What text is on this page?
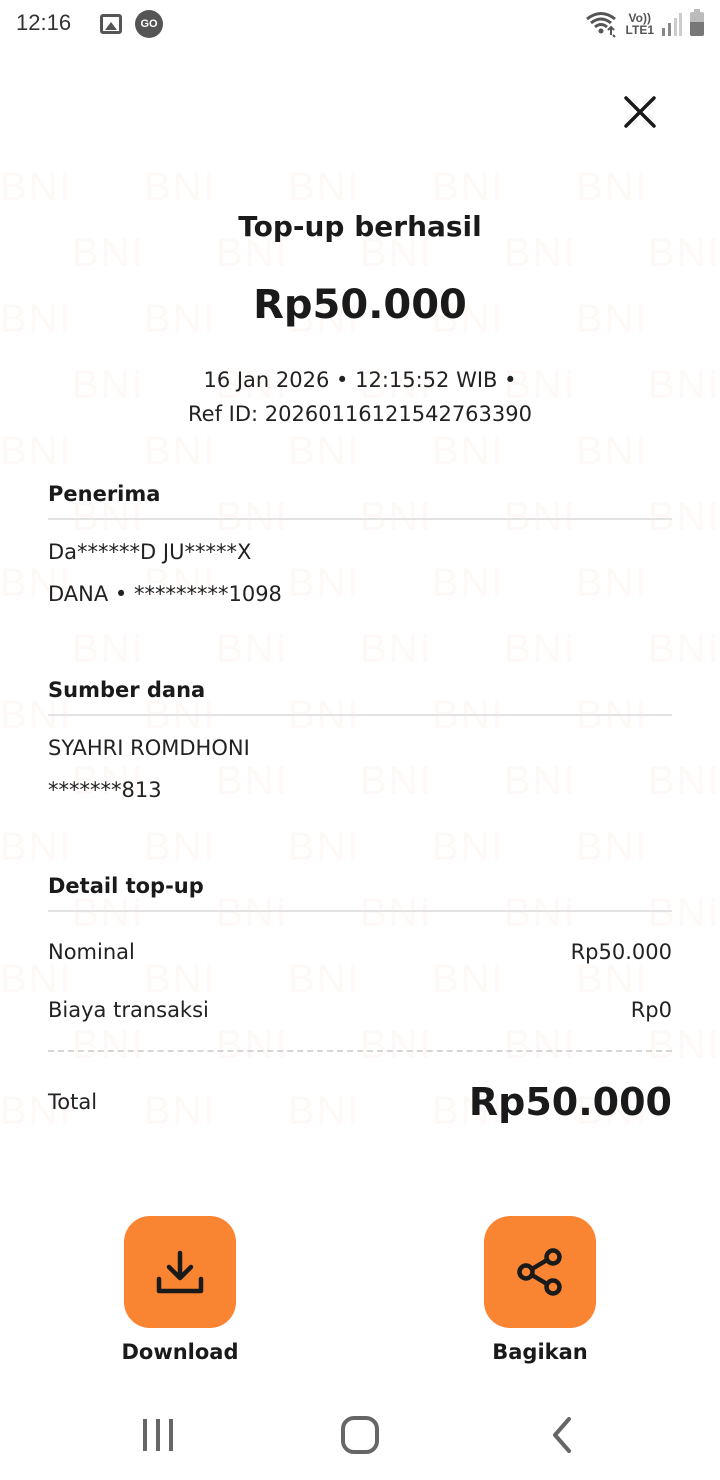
12:16	GO	Vo))
LTE1
Top-up berhasil
Rp50.000
16 Jan 2026 • 12:15:52 WIB •
Ref ID: 20260116121542763390
Penerima
Da******D JU*****X
DANA • *********1098
Sumber dana
SYAHRI ROMDHONI
*******813
Detail top-up
Nominal	Rp50.000
Biaya transaksi	Rp0
Total	Rp50.000
Download	Bagikan
